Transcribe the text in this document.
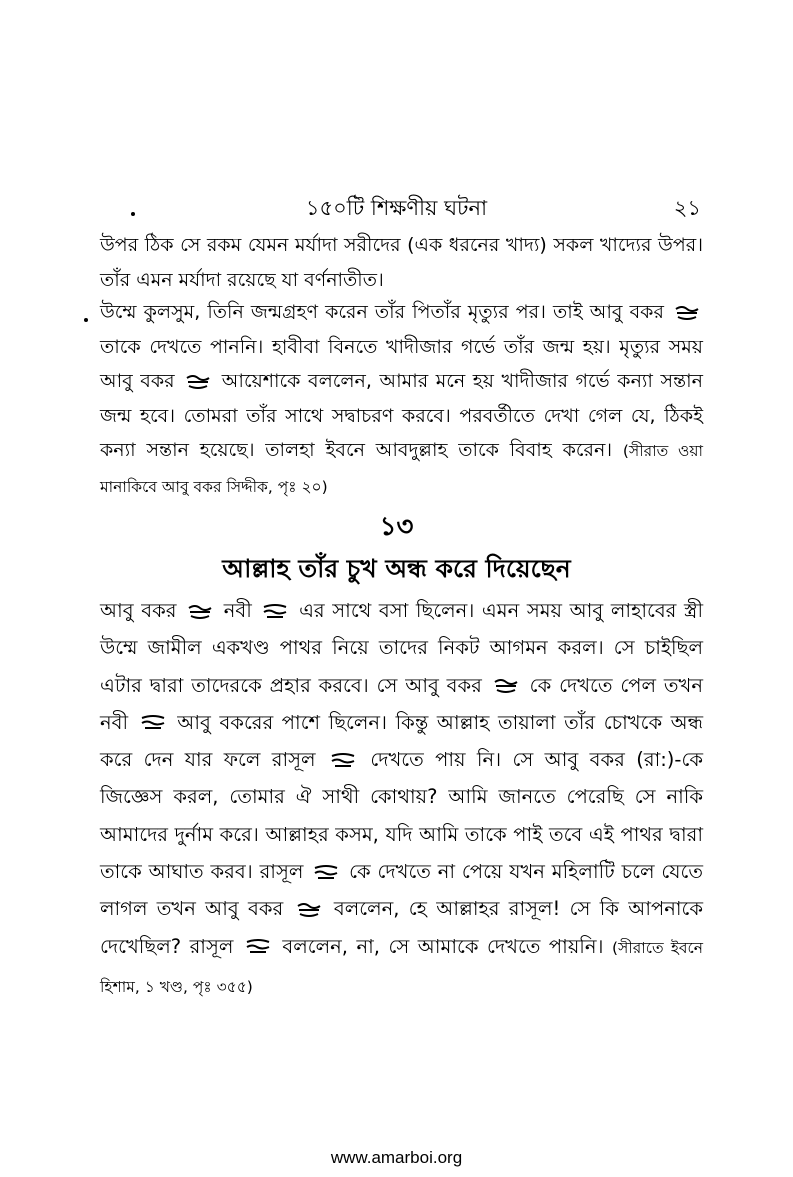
১৫০টি শিক্ষণীয় ঘটনা	২১
উপর ঠিক সে রকম যেমন মর্যাদা সরীদের (এক ধরনের খাদ্য) সকল খাদ্যের উপর। তাঁর এমন মর্যাদা রয়েছে যা বর্ণনাতীত।
উম্মে কুলসুম, তিনি জন্মগ্রহণ করেন তাঁর পিতাঁর মৃত্যুর পর। তাই আবু বকর  তাকে দেখতে পাননি। হাবীবা বিনতে খাদীজার গর্ভে তাঁর জন্ম হয়। মৃত্যুর সময় আবু বকর আয়েশাকে বললেন, আমার মনে হয় খাদীজার গর্ভে কন্যা সন্তান জন্ম হবে। তোমরা তাঁর সাথে সদ্বাচরণ করবে। পরবর্তীতে দেখা গেল যে, ঠিকই কন্যা সন্তান হয়েছে। তালহা ইবনে আবদুল্লাহ তাকে বিবাহ করেন। (সীরাত ওয়া মানাকিবে আবু বকর সিদ্দীক, পৃঃ ২০)
১৩
আল্লাহ তাঁর চুখ অন্ধ করে দিয়েছেন
আবু বকর নবী এর সাথে বসা ছিলেন। এমন সময় আবু লাহাবের স্ত্রী উম্মে জামীল একখণ্ড পাথর নিয়ে তাদের নিকট আগমন করল। সে চাইছিল এটার দ্বারা তাদেরকে প্রহার করবে। সে আবু বকর কে দেখতে পেল তখন নবী	আবু বকরের পাশে ছিলেন। কিন্তু আল্লাহ তায়ালা তাঁর চোখকে অন্ধ করে দেন যার ফলে রাসূল	দেখতে পায় নি। সে আবু বকর (রা:)-কে জিজ্ঞেস করল, তোমার ঐ সাথী কোথায়? আমি জানতে পেরেছি সে নাকি আমাদের দুর্নাম করে। আল্লাহর কসম, যদি আমি তাকে পাই তবে এই পাথর দ্বারা তাকে আঘাত করব। রাসূল কে দেখতে না পেয়ে যখন মহিলাটি চলে যেতে লাগল তখন আবু বকর	বললেন, হে আল্লাহর রাসূল! সে কি আপনাকে দেখেছিল? রাসূল	বললেন, না, সে আমাকে দেখতে পায়নি। (সীরাতে ইবনে হিশাম, ১ খণ্ড, পৃঃ ৩৫৫)
www.amarboi.org
